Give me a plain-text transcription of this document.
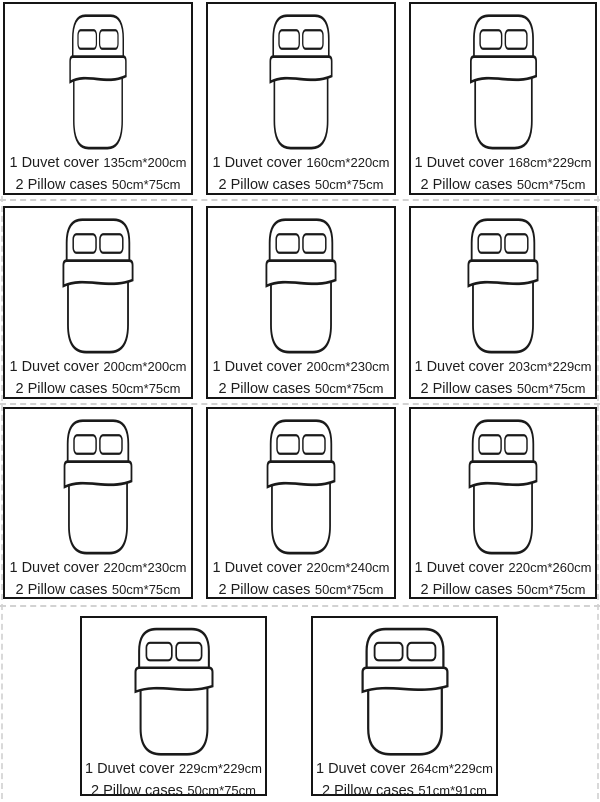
1 Duvet cover 135cm*200cm
2 Pillow cases 50cm*75cm
1 Duvet cover 160cm*220cm
2 Pillow cases 50cm*75cm
1 Duvet cover 168cm*229cm
2 Pillow cases 50cm*75cm
1 Duvet cover 200cm*200cm
2 Pillow cases 50cm*75cm
1 Duvet cover 200cm*230cm
2 Pillow cases 50cm*75cm
1 Duvet cover 203cm*229cm
2 Pillow cases 50cm*75cm
1 Duvet cover 220cm*230cm
2 Pillow cases 50cm*75cm
1 Duvet cover 220cm*240cm
2 Pillow cases 50cm*75cm
1 Duvet cover 220cm*260cm
2 Pillow cases 50cm*75cm
1 Duvet cover 229cm*229cm
2 Pillow cases 50cm*75cm
1 Duvet cover 264cm*229cm
2 Pillow cases 51cm*91cm
